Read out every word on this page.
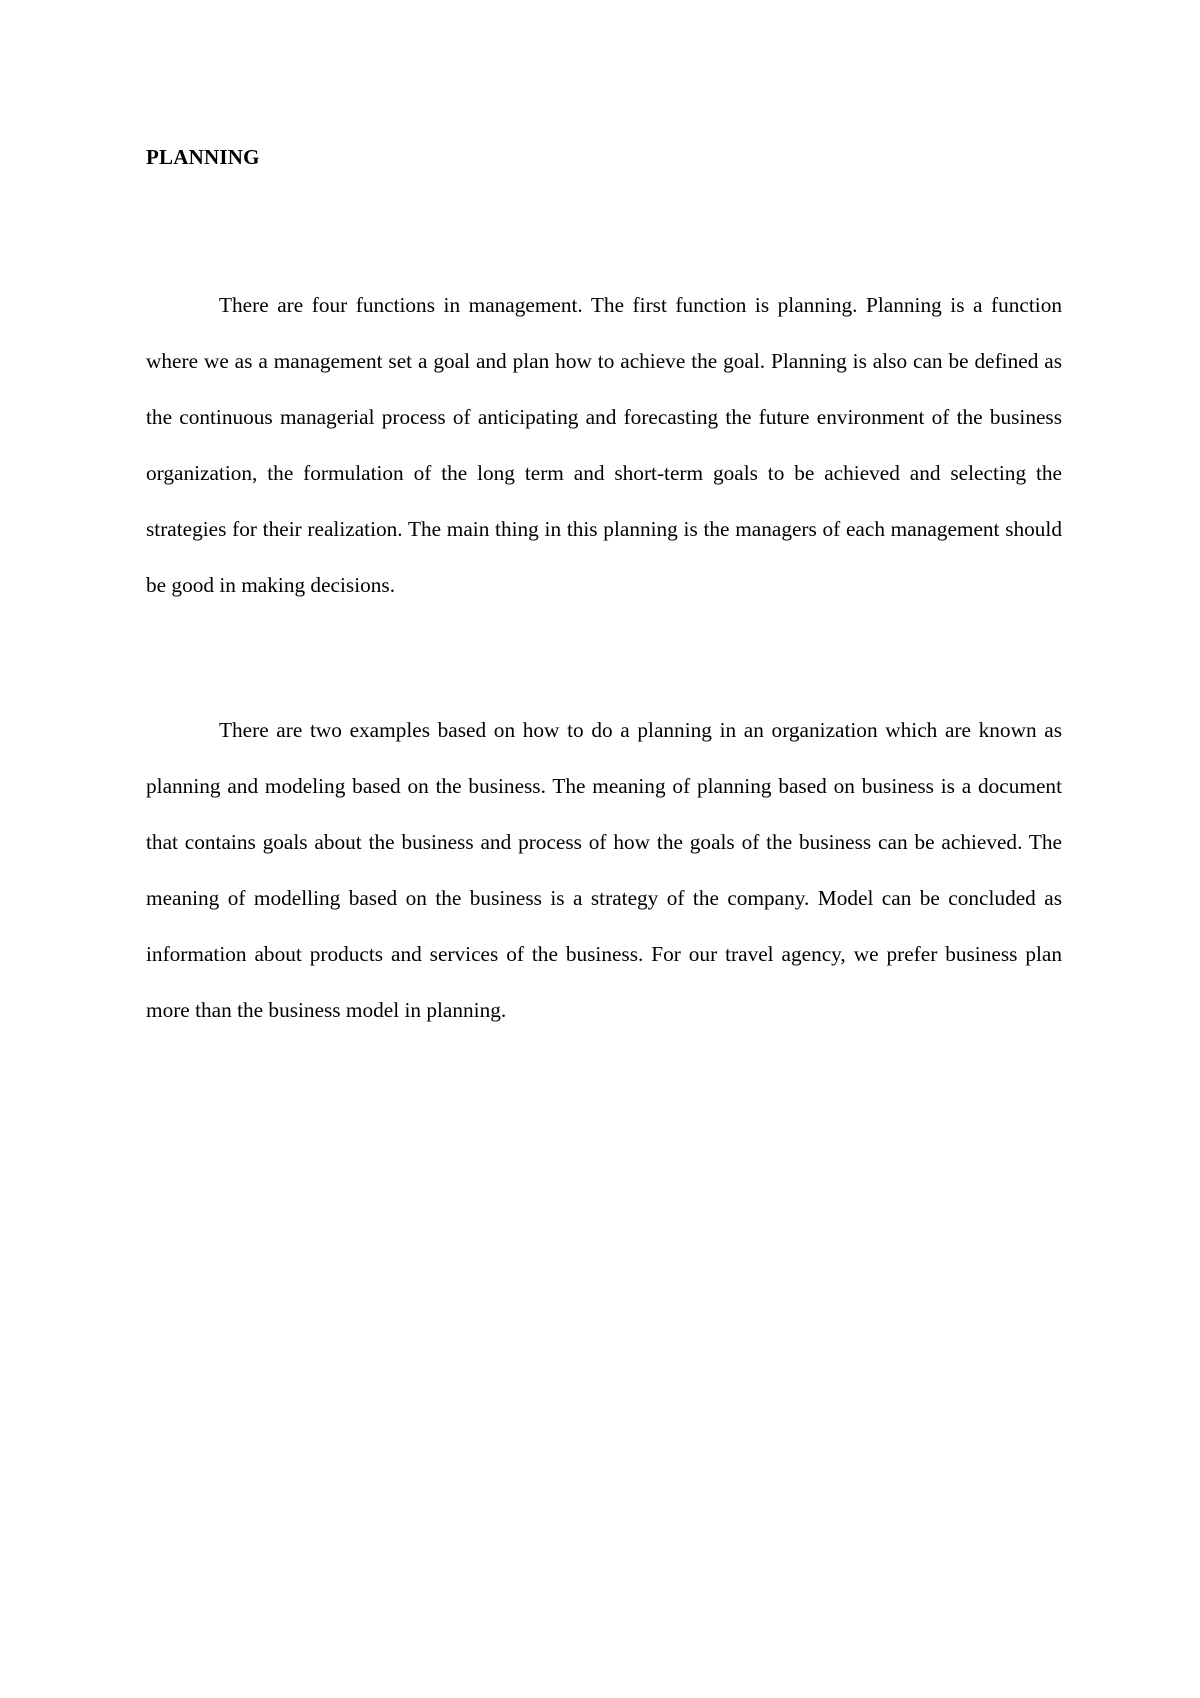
PLANNING

There are four functions in management. The first function is planning. Planning is a function where we as a management set a goal and plan how to achieve the goal. Planning is also can be defined as the continuous managerial process of anticipating and forecasting the future environment of the business organization, the formulation of the long term and short-term goals to be achieved and selecting the strategies for their realization. The main thing in this planning is the managers of each management should be good in making decisions.

There are two examples based on how to do a planning in an organization which are known as planning and modeling based on the business. The meaning of planning based on business is a document that contains goals about the business and process of how the goals of the business can be achieved. The meaning of modelling based on the business is a strategy of the company. Model can be concluded as information about products and services of the business. For our travel agency, we prefer business plan more than the business model in planning.
